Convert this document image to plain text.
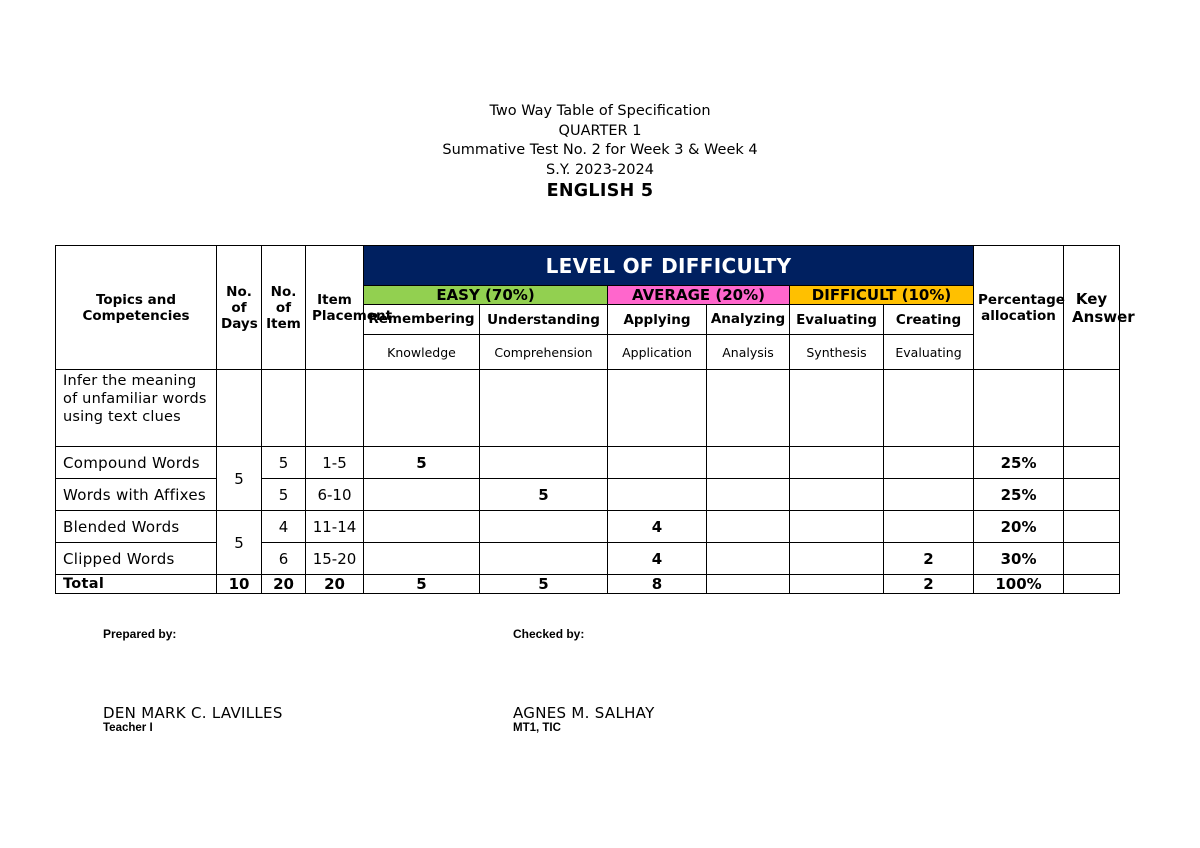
Two Way Table of Specification
QUARTER 1
Summative Test No. 2 for Week 3 & Week 4
S.Y. 2023-2024
ENGLISH 5
Topics and Competencies	No. of Days	No. of Item	Item Placement	LEVEL OF DIFFICULTY						Percentage allocation	Key Answer
				EASY (70%)		AVERAGE (20%)		DIFFICULT (10%)			
				Remembering	Understanding	Applying	Analyzing	Evaluating	Creating		
				Knowledge	Comprehension	Application	Analysis	Synthesis	Evaluating		
Infer the meaning of unfamiliar words using text clues											
Compound Words	5	5	1-5	5						25%	
Words with Affixes		5	6-10		5					25%	
Blended Words	5	4	11-14			4				20%	
Clipped Words		6	15-20			4			2	30%	
Total	10	20	20	5	5	8			2	100%	
Prepared by:
DEN MARK C. LAVILLES
Teacher I
Checked by:
AGNES M. SALHAY
MT1, TIC
